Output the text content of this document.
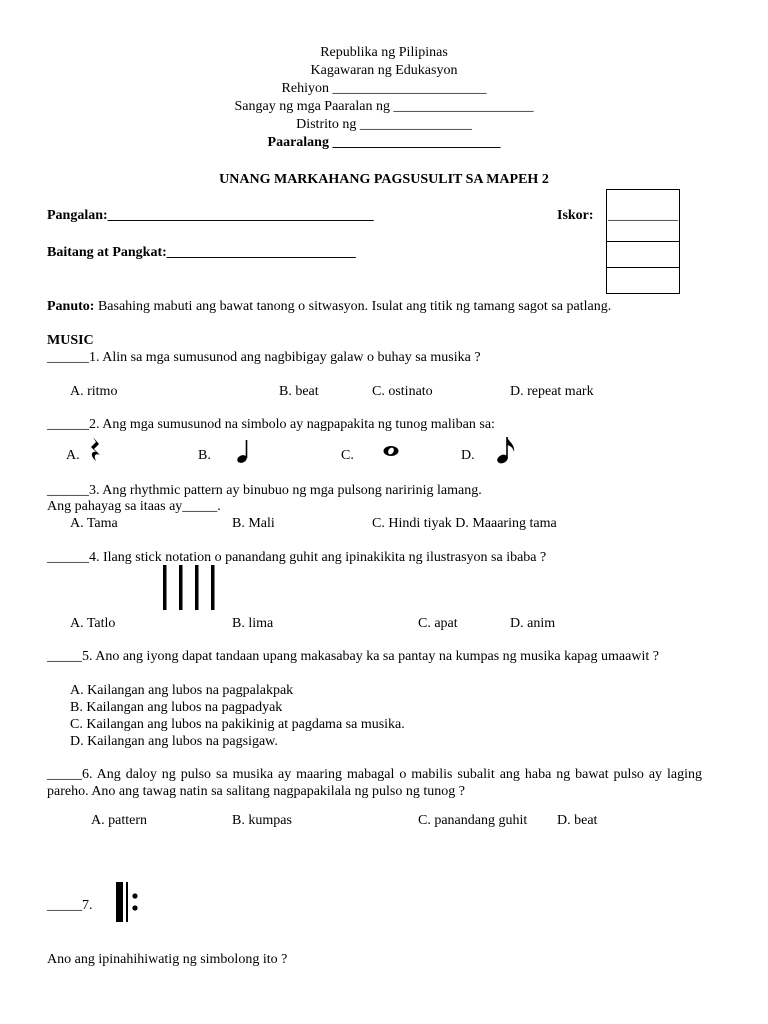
Republika ng Pilipinas
Kagawaran ng Edukasyon
Rehiyon ______________________
Sangay ng mga Paaralan ng ____________________
Distrito ng ________________
Paaralang ________________________
UNANG MARKAHANG PAGSUSULIT SA MAPEH 2
Pangalan:______________________________________	Iskor: __________
Baitang at Pangkat:___________________________
Panuto: Basahing mabuti ang bawat tanong o sitwasyon. Isulat ang titik ng tamang sagot sa patlang.
MUSIC
______1. Alin sa mga sumusunod ang nagbibigay galaw o buhay sa musika ?
A. ritmo	B. beat	C. ostinato	D. repeat mark
______2. Ang mga sumusunod na simbolo ay nagpapakita ng tunog maliban sa:
A.	B.	C.	D.
______3. Ang rhythmic pattern ay binubuo ng mga pulsong naririnig lamang.
Ang pahayag sa itaas ay_____.
A. Tama	B. Mali	C. Hindi tiyak D. Maaaring tama
______4. Ilang stick notation o panandang guhit ang ipinakikita ng ilustrasyon sa ibaba ?
A. Tatlo	B. lima	C. apat	D. anim
_____5. Ano ang iyong dapat tandaan upang makasabay ka sa pantay na kumpas ng musika kapag umaawit ?
A. Kailangan ang lubos na pagpalakpak
B. Kailangan ang lubos na pagpadyak
C. Kailangan ang lubos na pakikinig at pagdama sa musika.
D. Kailangan ang lubos na pagsigaw.
_____6. Ang daloy ng pulso sa musika ay maaring mabagal o mabilis subalit ang haba ng bawat pulso ay laging pareho. Ano ang tawag natin sa salitang nagpapakilala ng pulso ng tunog ?
A. pattern	B. kumpas	C. panandang guhit D. beat
_____7.
Ano ang ipinahihiwatig ng simbolong ito ?
